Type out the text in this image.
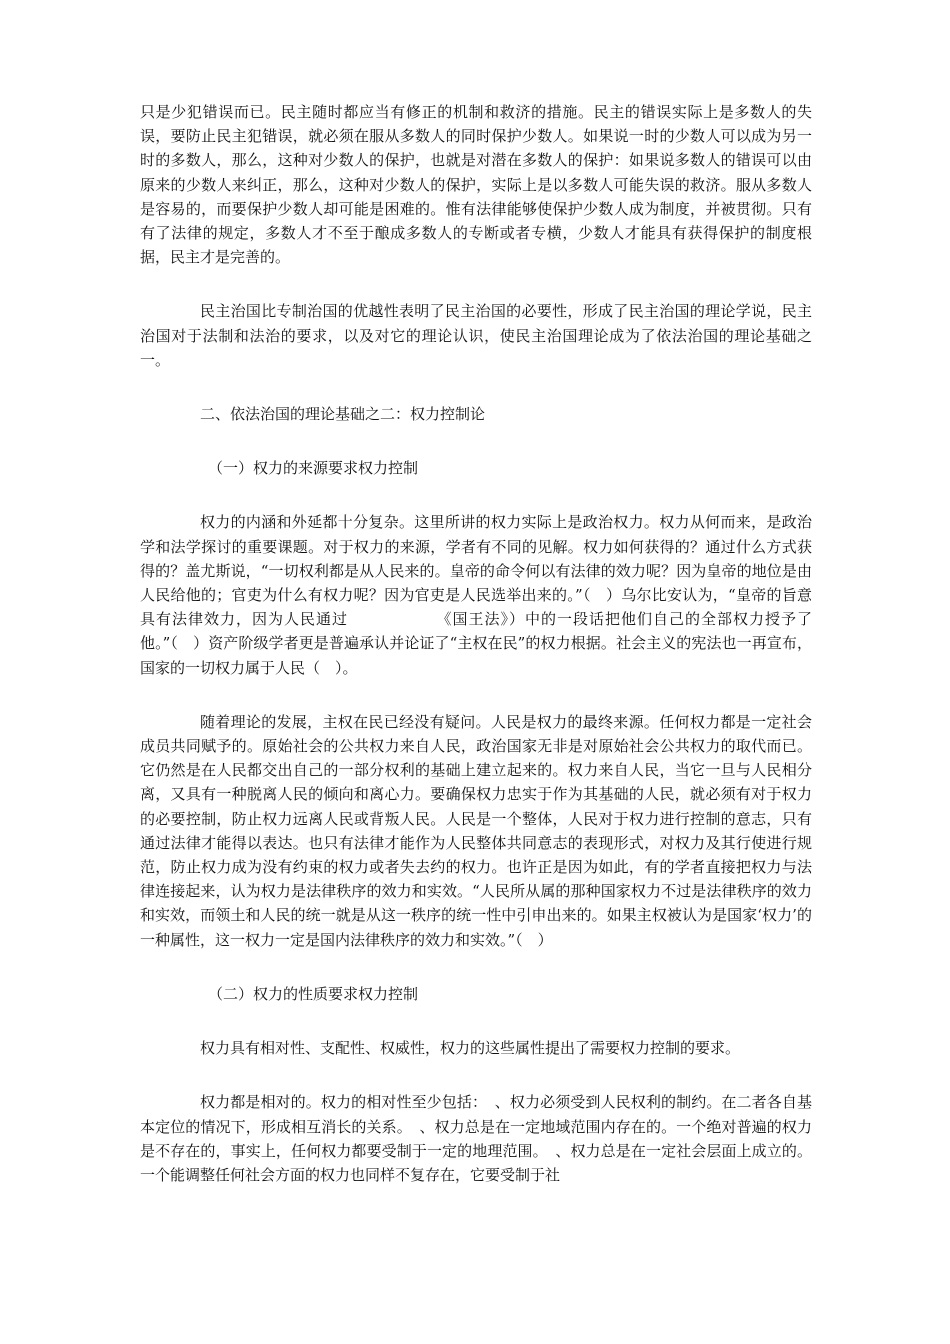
只是少犯错误而已。民主随时都应当有修正的机制和救济的措施。民主的错误实际上是多数人的失误，要防止民主犯错误，就必须在服从多数人的同时保护少数人。如果说一时的少数人可以成为另一时的多数人，那么，这种对少数人的保护，也就是对潜在多数人的保护：如果说多数人的错误可以由原来的少数人来纠正，那么，这种对少数人的保护，实际上是以多数人可能失误的救济。服从多数人是容易的，而要保护少数人却可能是困难的。惟有法律能够使保护少数人成为制度，并被贯彻。只有有了法律的规定，多数人才不至于酿成多数人的专断或者专横，少数人才能具有获得保护的制度根据，民主才是完善的。

民主治国比专制治国的优越性表明了民主治国的必要性，形成了民主治国的理论学说，民主治国对于法制和法治的要求，以及对它的理论认识，使民主治国理论成为了依法治国的理论基础之一。

二、依法治国的理论基础之二：权力控制论

（一）权力的来源要求权力控制

权力的内涵和外延都十分复杂。这里所讲的权力实际上是政治权力。权力从何而来，是政治学和法学探讨的重要课题。对于权力的来源，学者有不同的见解。权力如何获得的？通过什么方式获得的？盖尤斯说，“一切权利都是从人民来的。皇帝的命令何以有法律的效力呢？因为皇帝的地位是由人民给他的；官吏为什么有权力呢？因为官吏是人民选举出来的。”（　）乌尔比安认为，“皇帝的旨意具有法律效力，因为人民通过　　　　　　《国王法》）中的一段话把他们自己的全部权力授予了他。”（　）资产阶级学者更是普遍承认并论证了“主权在民”的权力根据。社会主义的宪法也一再宣布，国家的一切权力属于人民（　）。

随着理论的发展，主权在民已经没有疑问。人民是权力的最终来源。任何权力都是一定社会成员共同赋予的。原始社会的公共权力来自人民，政治国家无非是对原始社会公共权力的取代而已。它仍然是在人民都交出自己的一部分权利的基础上建立起来的。权力来自人民，当它一旦与人民相分离，又具有一种脱离人民的倾向和离心力。要确保权力忠实于作为其基础的人民，就必须有对于权力的必要控制，防止权力远离人民或背叛人民。人民是一个整体，人民对于权力进行控制的意志，只有通过法律才能得以表达。也只有法律才能作为人民整体共同意志的表现形式，对权力及其行使进行规范，防止权力成为没有约束的权力或者失去约的权力。也许正是因为如此，有的学者直接把权力与法律连接起来，认为权力是法律秩序的效力和实效。“人民所从属的那种国家权力不过是法律秩序的效力和实效，而领土和人民的统一就是从这一秩序的统一性中引申出来的。如果主权被认为是国家‘权力’的一种属性，这一权力一定是国内法律秩序的效力和实效。”（　）

（二）权力的性质要求权力控制

权力具有相对性、支配性、权威性，权力的这些属性提出了需要权力控制的要求。

权力都是相对的。权力的相对性至少包括：　、权力必须受到人民权利的制约。在二者各自基本定位的情况下，形成相互消长的关系。　、权力总是在一定地域范围内存在的。一个绝对普遍的权力是不存在的，事实上，任何权力都要受制于一定的地理范围。　、权力总是在一定社会层面上成立的。一个能调整任何社会方面的权力也同样不复存在，它要受制于社
